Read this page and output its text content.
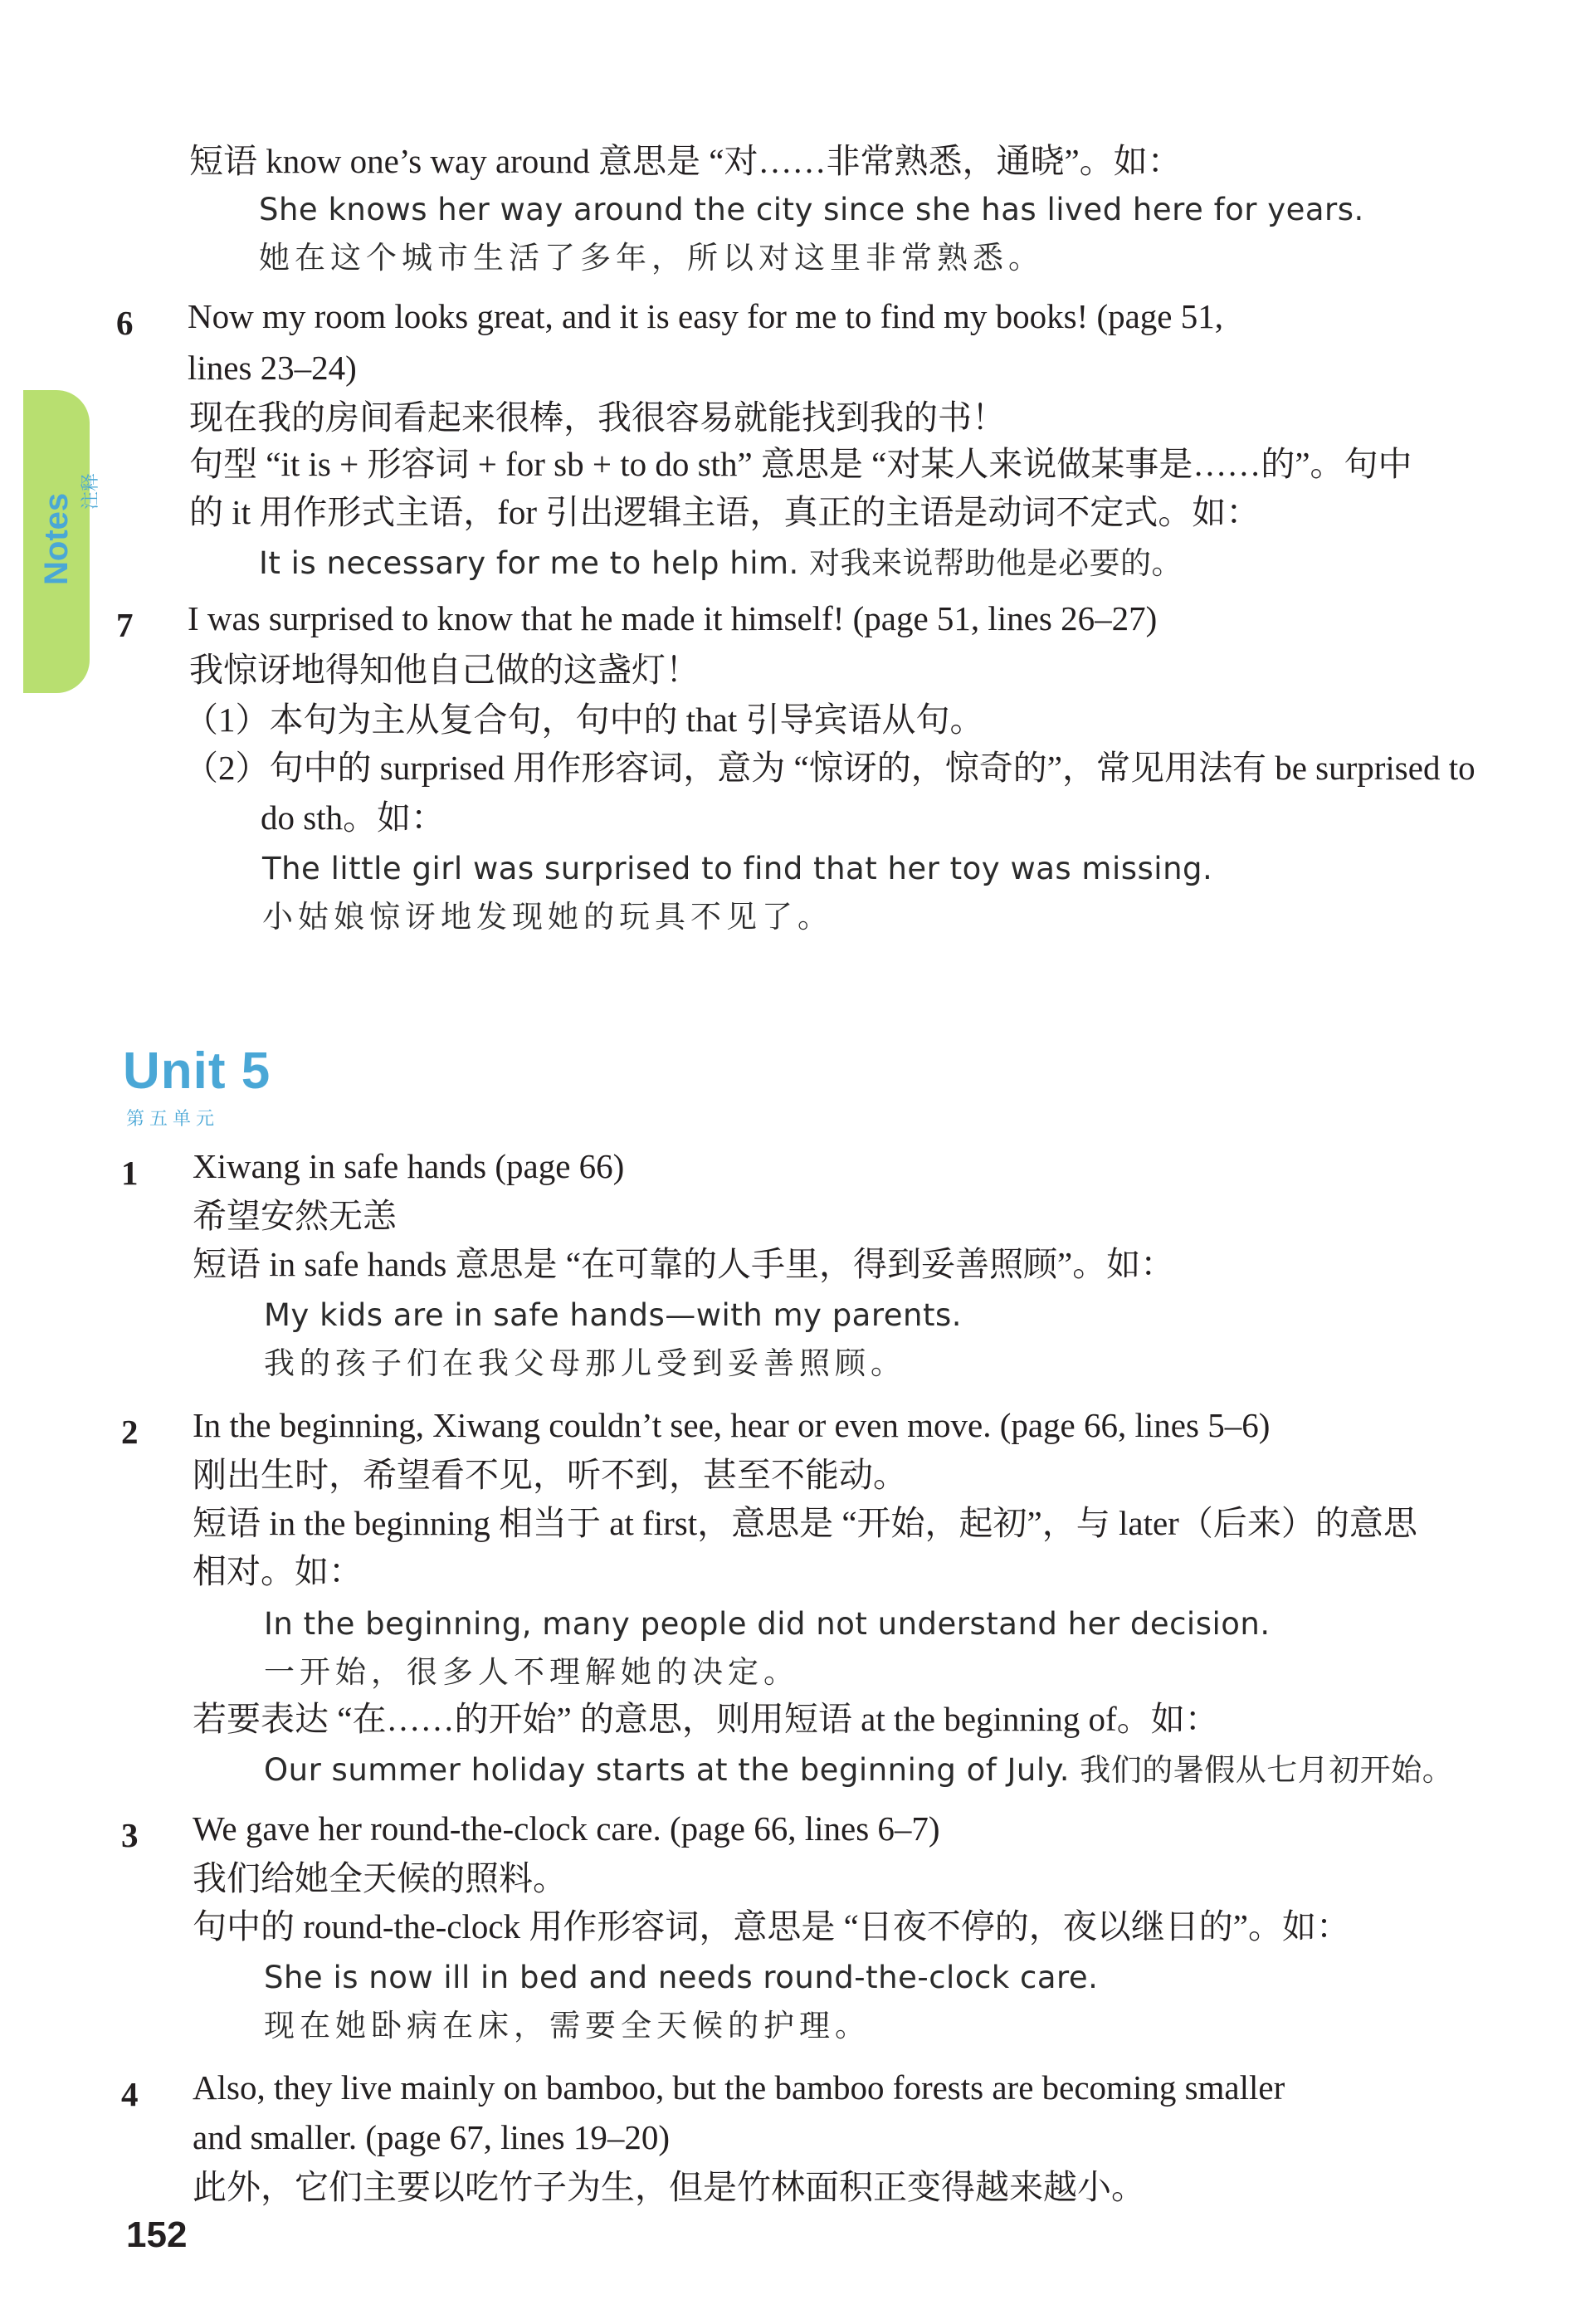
Notes
注释
短语 know one’s way around 意思是 “对……非常熟悉，通晓”。如：
She knows her way around the city since she has lived here for years.
她在这个城市生活了多年，所以对这里非常熟悉。
6 Now my room looks great, and it is easy for me to find my books! (page 51,
lines 23–24)
现在我的房间看起来很棒，我很容易就能找到我的书！
句型 “it is + 形容词 + for sb + to do sth” 意思是 “对某人来说做某事是……的”。句中
的 it 用作形式主语，for 引出逻辑主语，真正的主语是动词不定式。如：
It is necessary for me to help him. 对我来说帮助他是必要的。
7 I was surprised to know that he made it himself! (page 51, lines 26–27)
我惊讶地得知他自己做的这盏灯！
（1）本句为主从复合句，句中的 that 引导宾语从句。
（2）句中的 surprised 用作形容词，意为 “惊讶的，惊奇的”，常见用法有 be surprised to
do sth。如：
The little girl was surprised to find that her toy was missing.
小姑娘惊讶地发现她的玩具不见了。
Unit 5
第五单元
1 Xiwang in safe hands (page 66)
希望安然无恙
短语 in safe hands 意思是 “在可靠的人手里，得到妥善照顾”。如：
My kids are in safe hands—with my parents.
我的孩子们在我父母那儿受到妥善照顾。
2 In the beginning, Xiwang couldn’t see, hear or even move. (page 66, lines 5–6)
刚出生时，希望看不见，听不到，甚至不能动。
短语 in the beginning 相当于 at first，意思是 “开始，起初”，与 later（后来）的意思
相对。如：
In the beginning, many people did not understand her decision.
一开始，很多人不理解她的决定。
若要表达 “在……的开始” 的意思，则用短语 at the beginning of。如：
Our summer holiday starts at the beginning of July. 我们的暑假从七月初开始。
3 We gave her round-the-clock care. (page 66, lines 6–7)
我们给她全天候的照料。
句中的 round-the-clock 用作形容词，意思是 “日夜不停的，夜以继日的”。如：
She is now ill in bed and needs round-the-clock care.
现在她卧病在床，需要全天候的护理。
4 Also, they live mainly on bamboo, but the bamboo forests are becoming smaller
and smaller. (page 67, lines 19–20)
此外，它们主要以吃竹子为生，但是竹林面积正变得越来越小。
152
